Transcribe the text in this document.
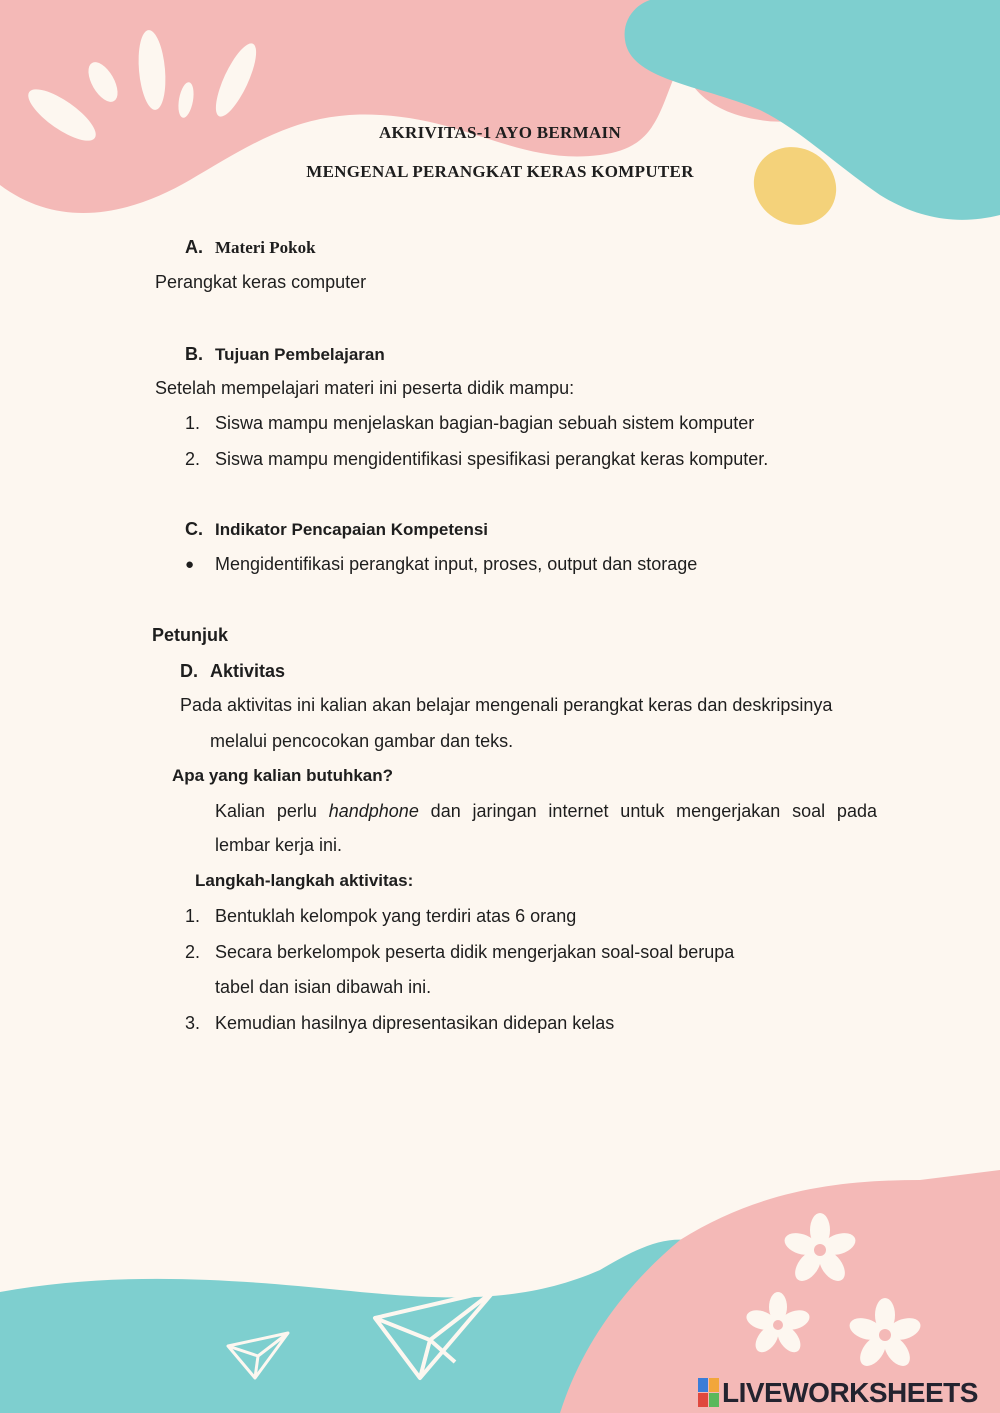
AKRIVITAS-1 AYO BERMAIN
MENGENAL PERANGKAT KERAS KOMPUTER
A. Materi Pokok
Perangkat keras computer
B. Tujuan Pembelajaran
Setelah mempelajari materi ini peserta didik mampu:
1. Siswa mampu menjelaskan bagian-bagian sebuah sistem komputer
2. Siswa mampu mengidentifikasi spesifikasi perangkat keras komputer.
C. Indikator Pencapaian Kompetensi
● Mengidentifikasi perangkat input, proses, output dan storage
Petunjuk
D. Aktivitas
Pada aktivitas ini kalian akan belajar mengenali perangkat keras dan deskripsinya
melalui pencocokan gambar dan teks.
Apa yang kalian butuhkan?
Kalian perlu handphone dan jaringan internet untuk mengerjakan soal pada
lembar kerja ini.
Langkah-langkah aktivitas:
1. Bentuklah kelompok yang terdiri atas 6 orang
2. Secara berkelompok peserta didik mengerjakan soal-soal berupa
tabel dan isian dibawah ini.
3. Kemudian hasilnya dipresentasikan didepan kelas
LIVEWORKSHEETS
